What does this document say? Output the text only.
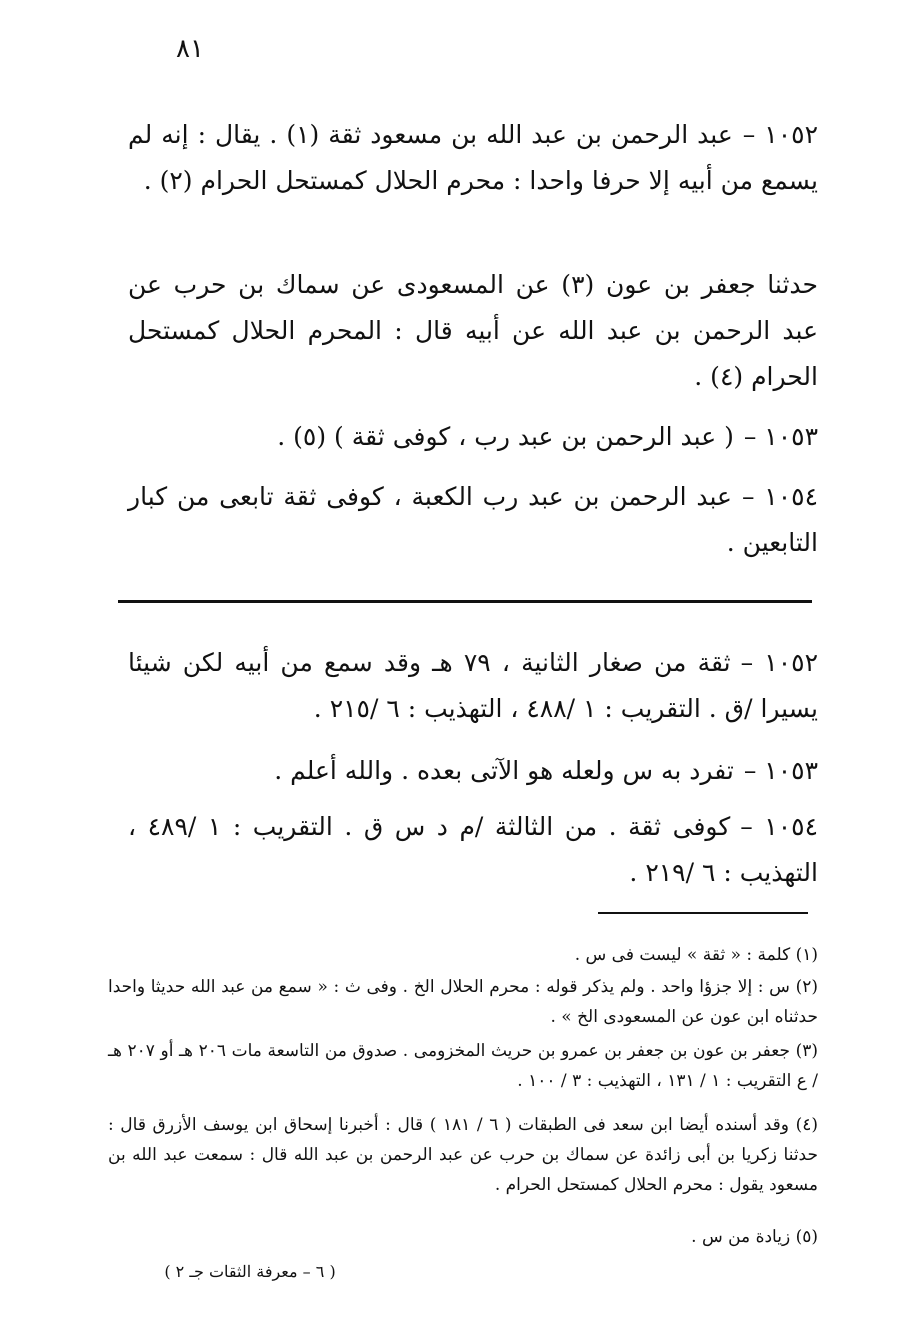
٨١
١٠٥٢ –عبد الرحمن بن عبد الله بن مسعود ثقة (١) . يقال : إنه لم يسمع من أبيه إلا حرفا واحدا : محرم الحلال كمستحل الحرام (٢) .
حدثنا جعفر بن عون (٣) عن المسعودى عن سماك بن حرب عن عبد الرحمن بن عبد الله عن أبيه قال : المحرم الحلال كمستحل الحرام (٤) .
١٠٥٣ –( عبد الرحمن بن عبد رب ، كوفى ثقة ) (٥) .
١٠٥٤ –عبد الرحمن بن عبد رب الكعبة ، كوفى ثقة تابعى من كبار التابعين .
١٠٥٢ –ثقة من صغار الثانية ، ٧٩ هـ وقد سمع من أبيه لكن شيئا يسيرا /ق . التقريب : ١ /٤٨٨ ، التهذيب : ٦ /٢١٥ .
١٠٥٣ –تفرد به س ولعله هو الآتى بعده . والله أعلم .
١٠٥٤ –كوفى ثقة . من الثالثة /م د س ق . التقريب : ١ /٤٨٩ ، التهذيب : ٦ /٢١٩ .
(١) كلمة : « ثقة » ليست فى س .
(٢) س : إلا جزؤا واحد . ولم يذكر قوله : محرم الحلال الخ . وفى ث : « سمع من عبد الله حديثا واحدا حدثناه ابن عون عن المسعودى الخ » .
(٣) جعفر بن عون بن جعفر بن عمرو بن حريث المخزومى . صدوق من التاسعة مات ٢٠٦ هـ أو ٢٠٧ هـ / ع التقريب : ١ / ١٣١ ، التهذيب : ٣ / ١٠٠ .
(٤) وقد أسنده أيضا ابن سعد فى الطبقات ( ٦ / ١٨١ ) قال : أخبرنا إسحاق ابن يوسف الأزرق قال : حدثنا زكريا بن أبى زائدة عن سماك بن حرب عن عبد الرحمن بن عبد الله قال : سمعت عبد الله بن مسعود يقول : محرم الحلال كمستحل الحرام .
(٥) زيادة من س .
( ٦ – معرفة الثقات جـ ٢ )
